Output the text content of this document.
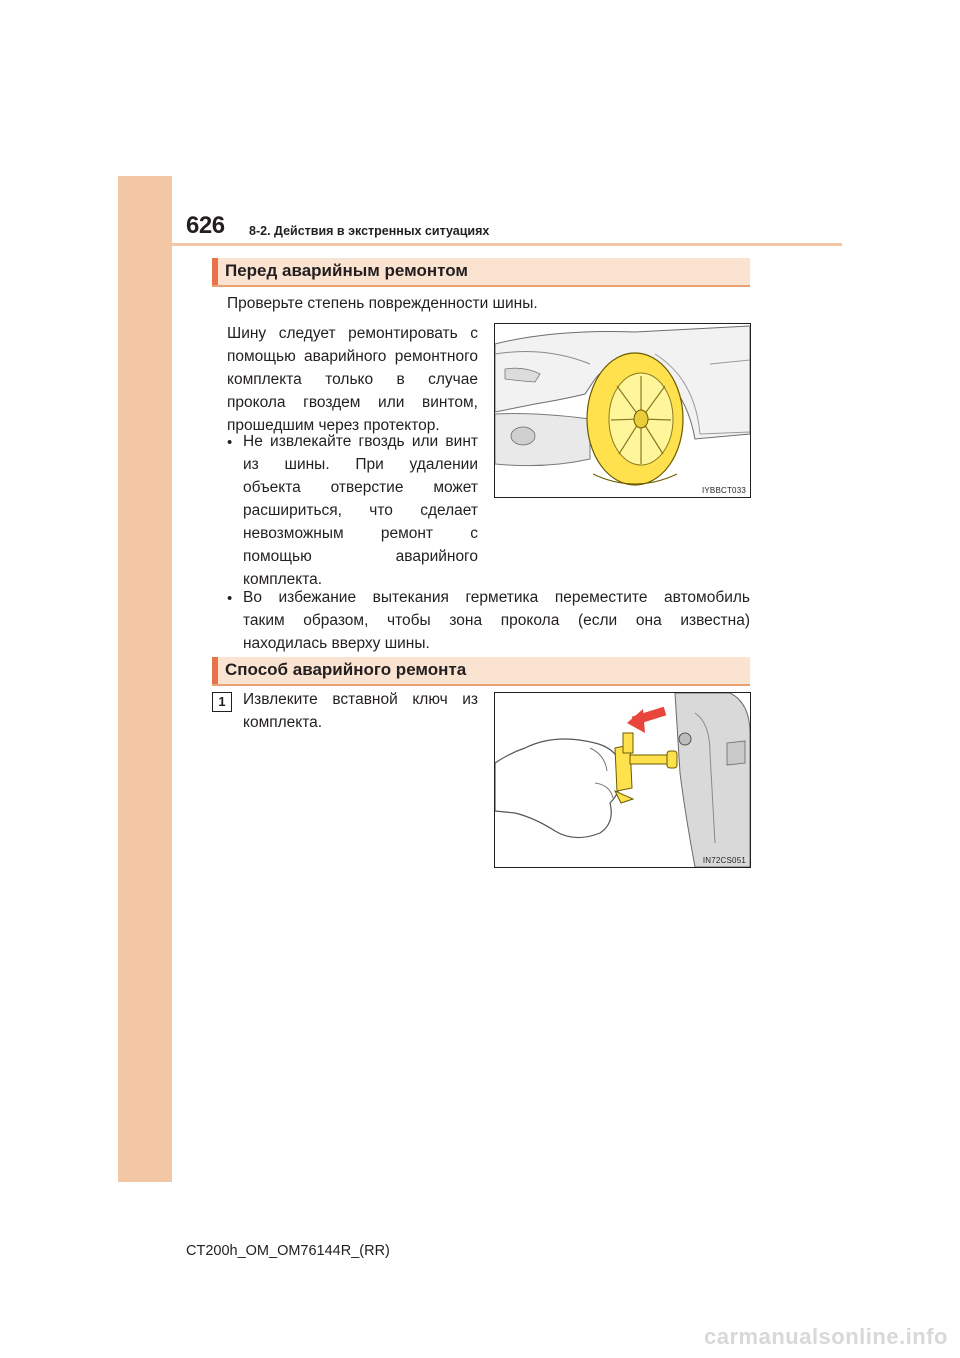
626 8-2. Действия в экстренных ситуациях
Перед аварийным ремонтом
Проверьте степень поврежденности шины.
Шину следует ремонтировать с
помощью аварийного ремонтного
комплекта только в случае
прокола гвоздем или винтом,
прошедшим через протектор.
• Не извлекайте гвоздь или винт
из шины. При удалении
объекта отверстие может
расшириться, что сделает
невозможным ремонт с
помощью аварийного
комплекта.
• Во избежание вытекания герметика переместите автомобиль
таким образом, чтобы зона прокола (если она известна)
находилась вверху шины.
IYBBCT033
Способ аварийного ремонта
1	Извлеките вставной ключ из
комплекта.
IN72CS051
CT200h_OM_OM76144R_(RR)
carmanualsonline.info
